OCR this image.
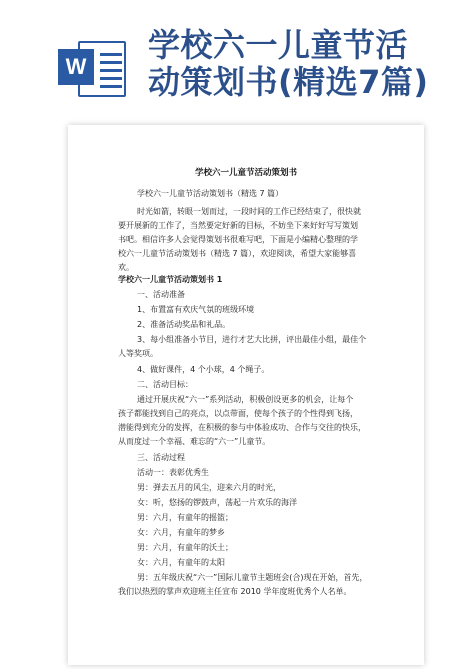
W
学校六一儿童节活
动策划书(精选7篇)
学校六一儿童节活动策划书
学校六一儿童节活动策划书（精选 7 篇）
时光如箭，转眼一划而过，一段时间的工作已经结束了，很快就
要开展新的工作了，当然要定好新的目标，不妨坐下来好好写写策划
书吧。相信许多人会觉得策划书很难写吧，下面是小编精心整理的学
校六一儿童节活动策划书（精选 7 篇），欢迎阅读，希望大家能够喜
欢。
学校六一儿童节活动策划书 1
一、活动准备
1、布置富有欢庆气氛的班级环境
2、准备活动奖品和礼品。
3、每小组准备小节目，进行才艺大比拼，评出最佳小组，最佳个
人等奖项。
4、做好课件，4 个小球，4 个绳子。
二、活动目标：
通过开展庆祝“六一”系列活动，积极创设更多的机会，让每个
孩子都能找到自己的亮点，以点带面，使每个孩子的个性得到飞扬，
潜能得到充分的发挥，在积极的参与中体验成功、合作与交往的快乐，
从而度过一个幸福、难忘的“六一”儿童节。
三、活动过程
活动一：表彰优秀生
男：弹去五月的风尘，迎来六月的时光，
女：听，悠扬的锣鼓声，荡起一片欢乐的海洋
男：六月，有童年的摇篮；
女：六月，有童年的梦乡
男：六月，有童年的沃土；
女：六月，有童年的太阳
男：五年级庆祝“六一”国际儿童节主题班会(合)现在开始，首先，
我们以热烈的掌声欢迎班主任宣布 2010 学年度班优秀个人名单。
